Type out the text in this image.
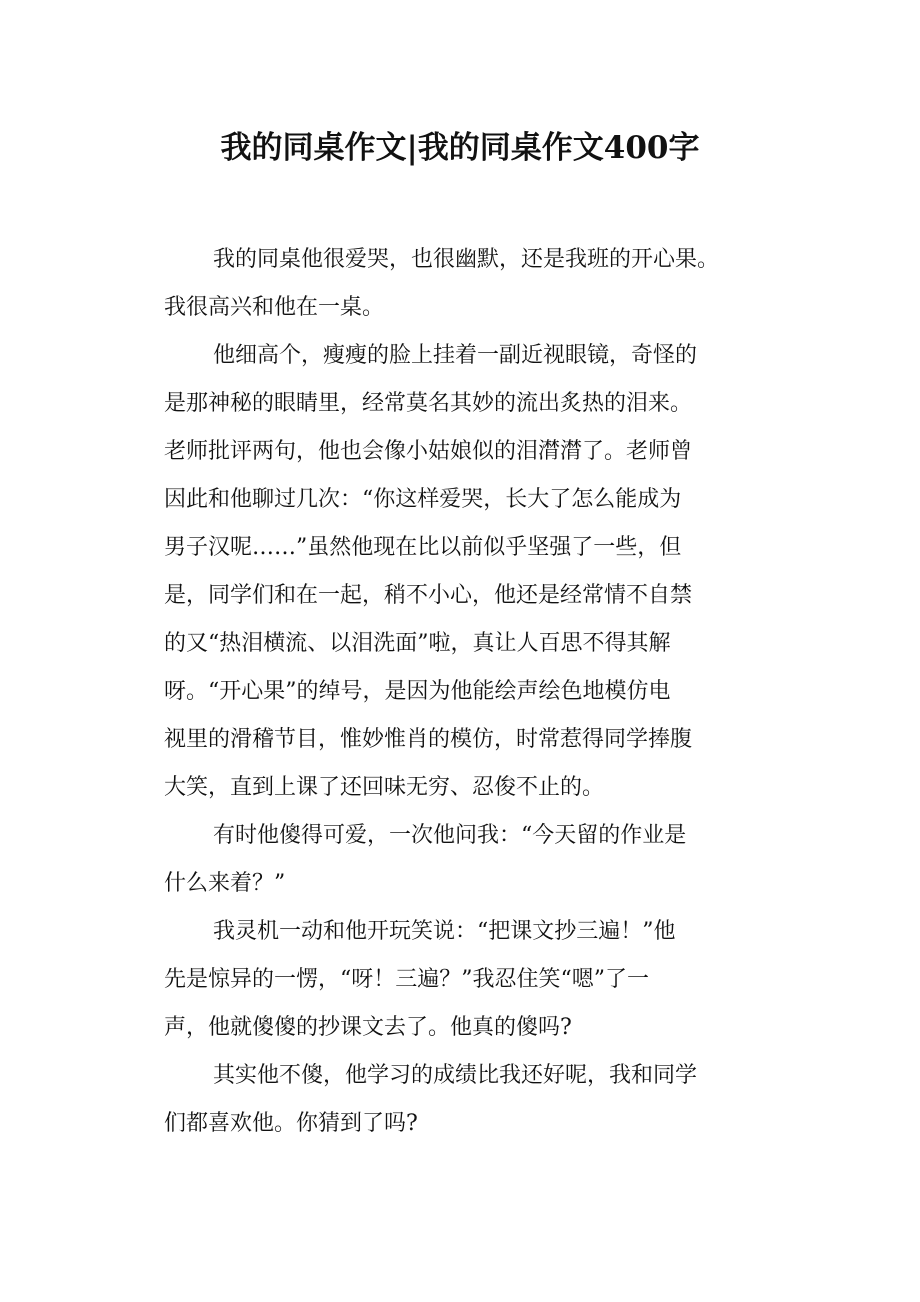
我的同桌作文|我的同桌作文400字
我的同桌他很爱哭，也很幽默，还是我班的开心果。
我很高兴和他在一桌。
他细高个，瘦瘦的脸上挂着一副近视眼镜，奇怪的
是那神秘的眼睛里，经常莫名其妙的流出炙热的泪来。
老师批评两句，他也会像小姑娘似的泪潸潸了。老师曾
因此和他聊过几次：“你这样爱哭，长大了怎么能成为
男子汉呢……”虽然他现在比以前似乎坚强了一些，但
是，同学们和在一起，稍不小心，他还是经常情不自禁
的又“热泪横流、以泪洗面”啦，真让人百思不得其解
呀。“开心果”的绰号，是因为他能绘声绘色地模仿电
视里的滑稽节目，惟妙惟肖的模仿，时常惹得同学捧腹
大笑，直到上课了还回味无穷、忍俊不止的。
有时他傻得可爱，一次他问我：“今天留的作业是
什么来着？”
我灵机一动和他开玩笑说：“把课文抄三遍！”他
先是惊异的一愣，“呀！三遍？”我忍住笑“嗯”了一
声，他就傻傻的抄课文去了。他真的傻吗?
其实他不傻，他学习的成绩比我还好呢，我和同学
们都喜欢他。你猜到了吗?
